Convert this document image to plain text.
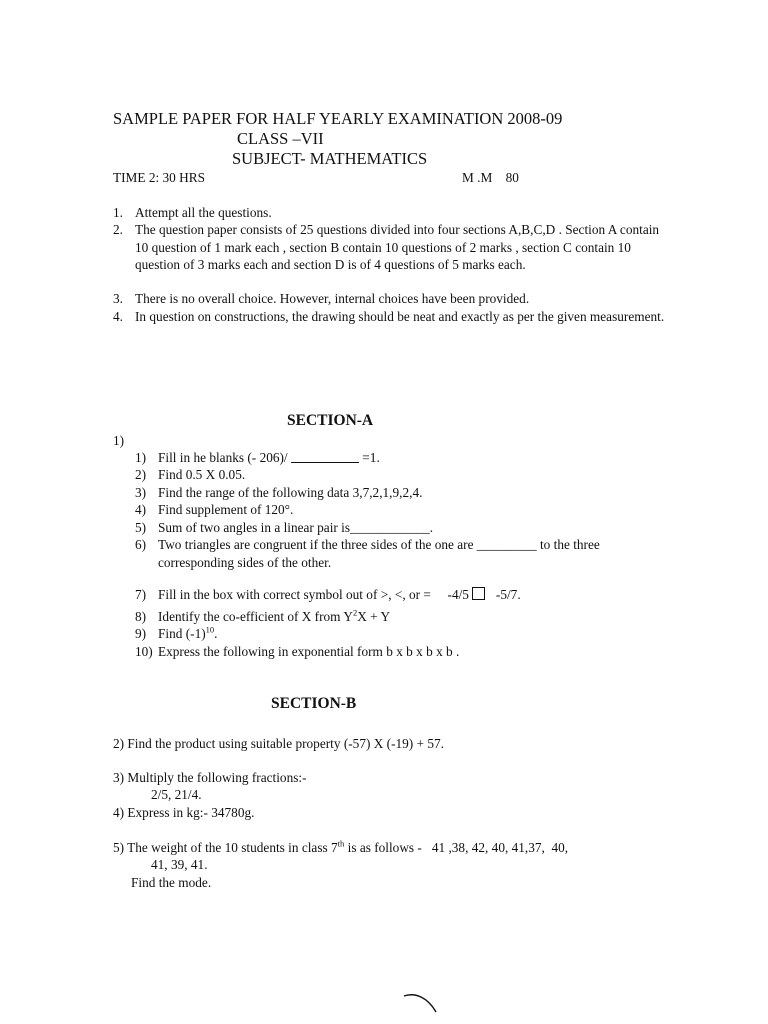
SAMPLE PAPER FOR HALF YEARLY EXAMINATION 2008-09
CLASS –VII
SUBJECT- MATHEMATICS
TIME 2: 30 HRS	M .M    80
1. Attempt all the questions.
2. The question paper consists of 25 questions divided into four sections A,B,C,D . Section A contain 10 question of 1 mark each , section B contain 10 questions of 2 marks , section C contain 10 question of 3 marks each and section D is of 4 questions of 5 marks each.
3. There is no overall choice. However, internal choices have been provided.
4. In question on constructions, the drawing should be neat and exactly as per the given measurement.
SECTION-A
1)
1) Fill in he blanks (- 206)/	=1.
2) Find 0.5 X 0.05.
3) Find the range of the following data 3,7,2,1,9,2,4.
4) Find supplement of 120°.
5) Sum of two angles in a linear pair is____________.
6) Two triangles are congruent if the three sides of the one are _________ to the three corresponding sides of the other.
7) Fill in the box with correct symbol out of >, <, or =     -4/5   -5/7.
8) Identify the co-efficient of X from $Y^2X + Y$
9) Find $(-1)^{10}$.
10) Express the following in exponential form b x b x b x b .
SECTION-B
2) Find the product using suitable property (-57) X (-19) + 57.
3) Multiply the following fractions:-
2/5, 21/4.
4) Express in kg:- 34780g.
5) The weight of the 10 students in class 7th is as follows -   41 ,38, 42, 40, 41,37,  40,
41, 39, 41.
Find the mode.
